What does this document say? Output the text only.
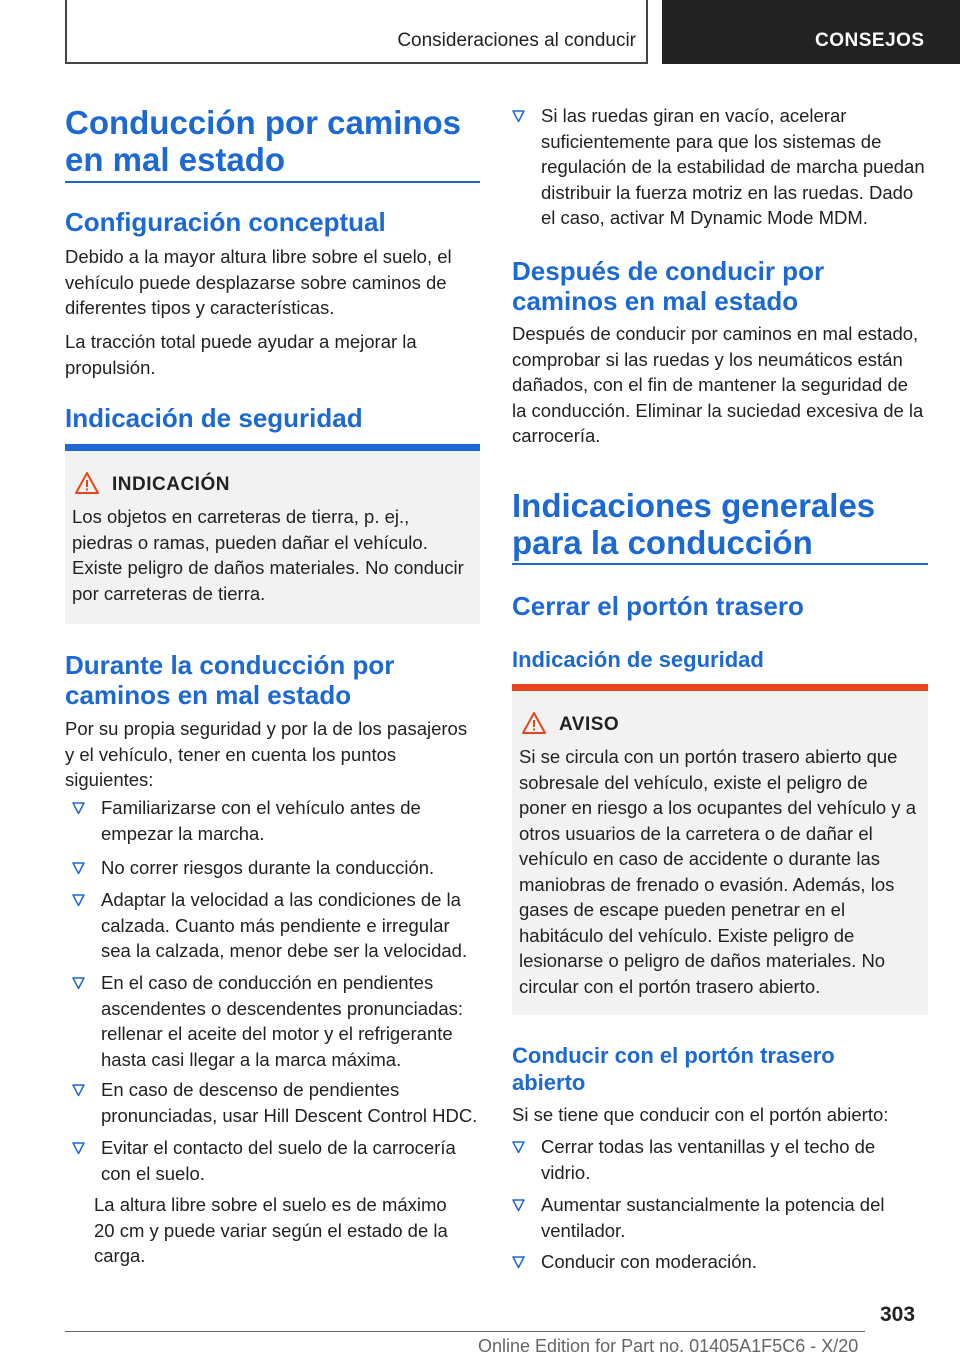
Consideraciones al conducir	CONSEJOS
Conducción por caminos en mal estado
Configuración conceptual

Debido a la mayor altura libre sobre el suelo, el vehículo puede desplazarse sobre caminos de diferentes tipos y características.

La tracción total puede ayudar a mejorar la propulsión.

Indicación de seguridad
INDICACIÓN

Los objetos en carreteras de tierra, p. ej., piedras o ramas, pueden dañar el vehículo. Existe peligro de daños materiales. No conducir por carreteras de tierra.

Durante la conducción por caminos en mal estado

Por su propia seguridad y por la de los pasajeros y el vehículo, tener en cuenta los puntos siguientes:

Familiarizarse con el vehículo antes de empezar la marcha.

No correr riesgos durante la conducción.

Adaptar la velocidad a las condiciones de la calzada. Cuanto más pendiente e irregular sea la calzada, menor debe ser la velocidad.

En el caso de conducción en pendientes ascendentes o descendentes pronunciadas: rellenar el aceite del motor y el refrigerante hasta casi llegar a la marca máxima.

En caso de descenso de pendientes pronunciadas, usar Hill Descent Control HDC.

Evitar el contacto del suelo de la carrocería con el suelo.

La altura libre sobre el suelo es de máximo 20 cm y puede variar según el estado de la carga.

Si las ruedas giran en vacío, acelerar suficientemente para que los sistemas de regulación de la estabilidad de marcha puedan distribuir la fuerza motriz en las ruedas. Dado el caso, activar M Dynamic Mode MDM.

Después de conducir por caminos en mal estado

Después de conducir por caminos en mal estado, comprobar si las ruedas y los neumáticos están dañados, con el fin de mantener la seguridad de la conducción. Eliminar la suciedad excesiva de la carrocería.

Indicaciones generales para la conducción
Cerrar el portón trasero
Indicación de seguridad
AVISO

Si se circula con un portón trasero abierto que sobresale del vehículo, existe el peligro de poner en riesgo a los ocupantes del vehículo y a otros usuarios de la carretera o de dañar el vehículo en caso de accidente o durante las maniobras de frenado o evasión. Además, los gases de escape pueden penetrar en el habitáculo del vehículo. Existe peligro de lesionarse o peligro de daños materiales. No circular con el portón trasero abierto.

Conducir con el portón trasero abierto

Si se tiene que conducir con el portón abierto:

Cerrar todas las ventanillas y el techo de vidrio.

Aumentar sustancialmente la potencia del ventilador.

Conducir con moderación.

303
Online Edition for Part no. 01405A1F5C6 - X/20
